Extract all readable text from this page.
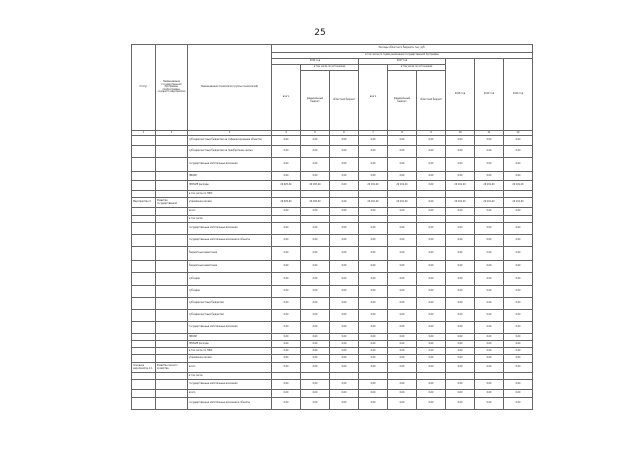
25
Статус	Наименование государственной программы, подпрограммы, основного мероприятия	Наименование показателя (группы показателей)	Расходы областного бюджета, тыс. руб.								
			в том числе по годам реализации государственной программы								
			2016 год			2017 год			2018 год	2019 год	2020 год
			всего	в том числе по источникам		всего	в том числе по источникам				
				федеральный бюджет	областной бюджет		федеральный бюджет	областной бюджет			
1	2	3	4	5	6	7	8	9	10	11	12
		субсидии местным бюджетам на софинансирование объектов	0,00	0,00	0,00	0,00	0,00	0,00	0,00	0,00	0,00
		субсидии местным бюджетам на приобретение жилья	0,00	0,00	0,00	0,00	0,00	0,00	0,00	0,00	0,00
		государственные капитальные вложения	0,00	0,00	0,00	0,00	0,00	0,00	0,00	0,00	0,00
		НИОКР	0,00	0,00	0,00	0,00	0,00	0,00	0,00	0,00	0,00
		ПРОЧИЕ расходы	29 925,40	29 165,00	0,00	29 191,20	29 191,20	0,00	29 191,20	29 191,20	29 191,20
		в том числе по ГРБС									
Мероприятие 4	Развитие государственной	управление лесами	29 925,40	29 165,00	0,00	29 191,20	29 191,20	0,00	29 191,20	29 191,20	29 191,20
		всего	0,00	0,00	0,00	0,00	0,00	0,00	0,00	0,00	0,00
		в том числе									
		государственные капитальные вложения	0,00	0,00	0,00	0,00	0,00	0,00	0,00	0,00	0,00
		государственные капитальные вложения в объекты	0,00	0,00	0,00	0,00	0,00	0,00	0,00	0,00	0,00
		бюджетные инвестиции	0,00	0,00	0,00	0,00	0,00	0,00	0,00	0,00	0,00
		бюджетные инвестиции	0,00	0,00	0,00	0,00	0,00	0,00	0,00	0,00	0,00
		субсидии	0,00	0,00	0,00	0,00	0,00	0,00	0,00	0,00	0,00
		субсидии	0,00	0,00	0,00	0,00	0,00	0,00	0,00	0,00	0,00
		субсидии местным бюджетам	0,00	0,00	0,00	0,00	0,00	0,00	0,00	0,00	0,00
		субсидии местным бюджетам	0,00	0,00	0,00	0,00	0,00	0,00	0,00	0,00	0,00
		государственные капитальные вложения	0,00	0,00	0,00	0,00	0,00	0,00	0,00	0,00	0,00
		НИОКР	0,00	0,00	0,00	0,00	0,00	0,00	0,00	0,00	0,00
		ПРОЧИЕ расходы	0,00	0,00	0,00	0,00	0,00	0,00	0,00	0,00	0,00
		в том числе по ГРБС	0,00	0,00	0,00	0,00	0,00	0,00	0,00	0,00	0,00
		управление лесами	0,00	0,00	0,00	0,00	0,00	0,00	0,00	0,00	0,00
Основное мероприятие 1.1	Развитие лесного хозяйства	всего	0,00	0,00	0,00	0,00	0,00	0,00	0,00	0,00	0,00
		в том числе									
		государственные капитальные вложения	0,00	0,00	0,00	0,00	0,00	0,00	0,00	0,00	0,00
		всего	0,00	0,00	0,00	0,00	0,00	0,00	0,00	0,00	0,00
		государственные капитальные вложения в объекты	0,00	0,00	0,00	0,00	0,00	0,00	0,00	0,00	0,00
